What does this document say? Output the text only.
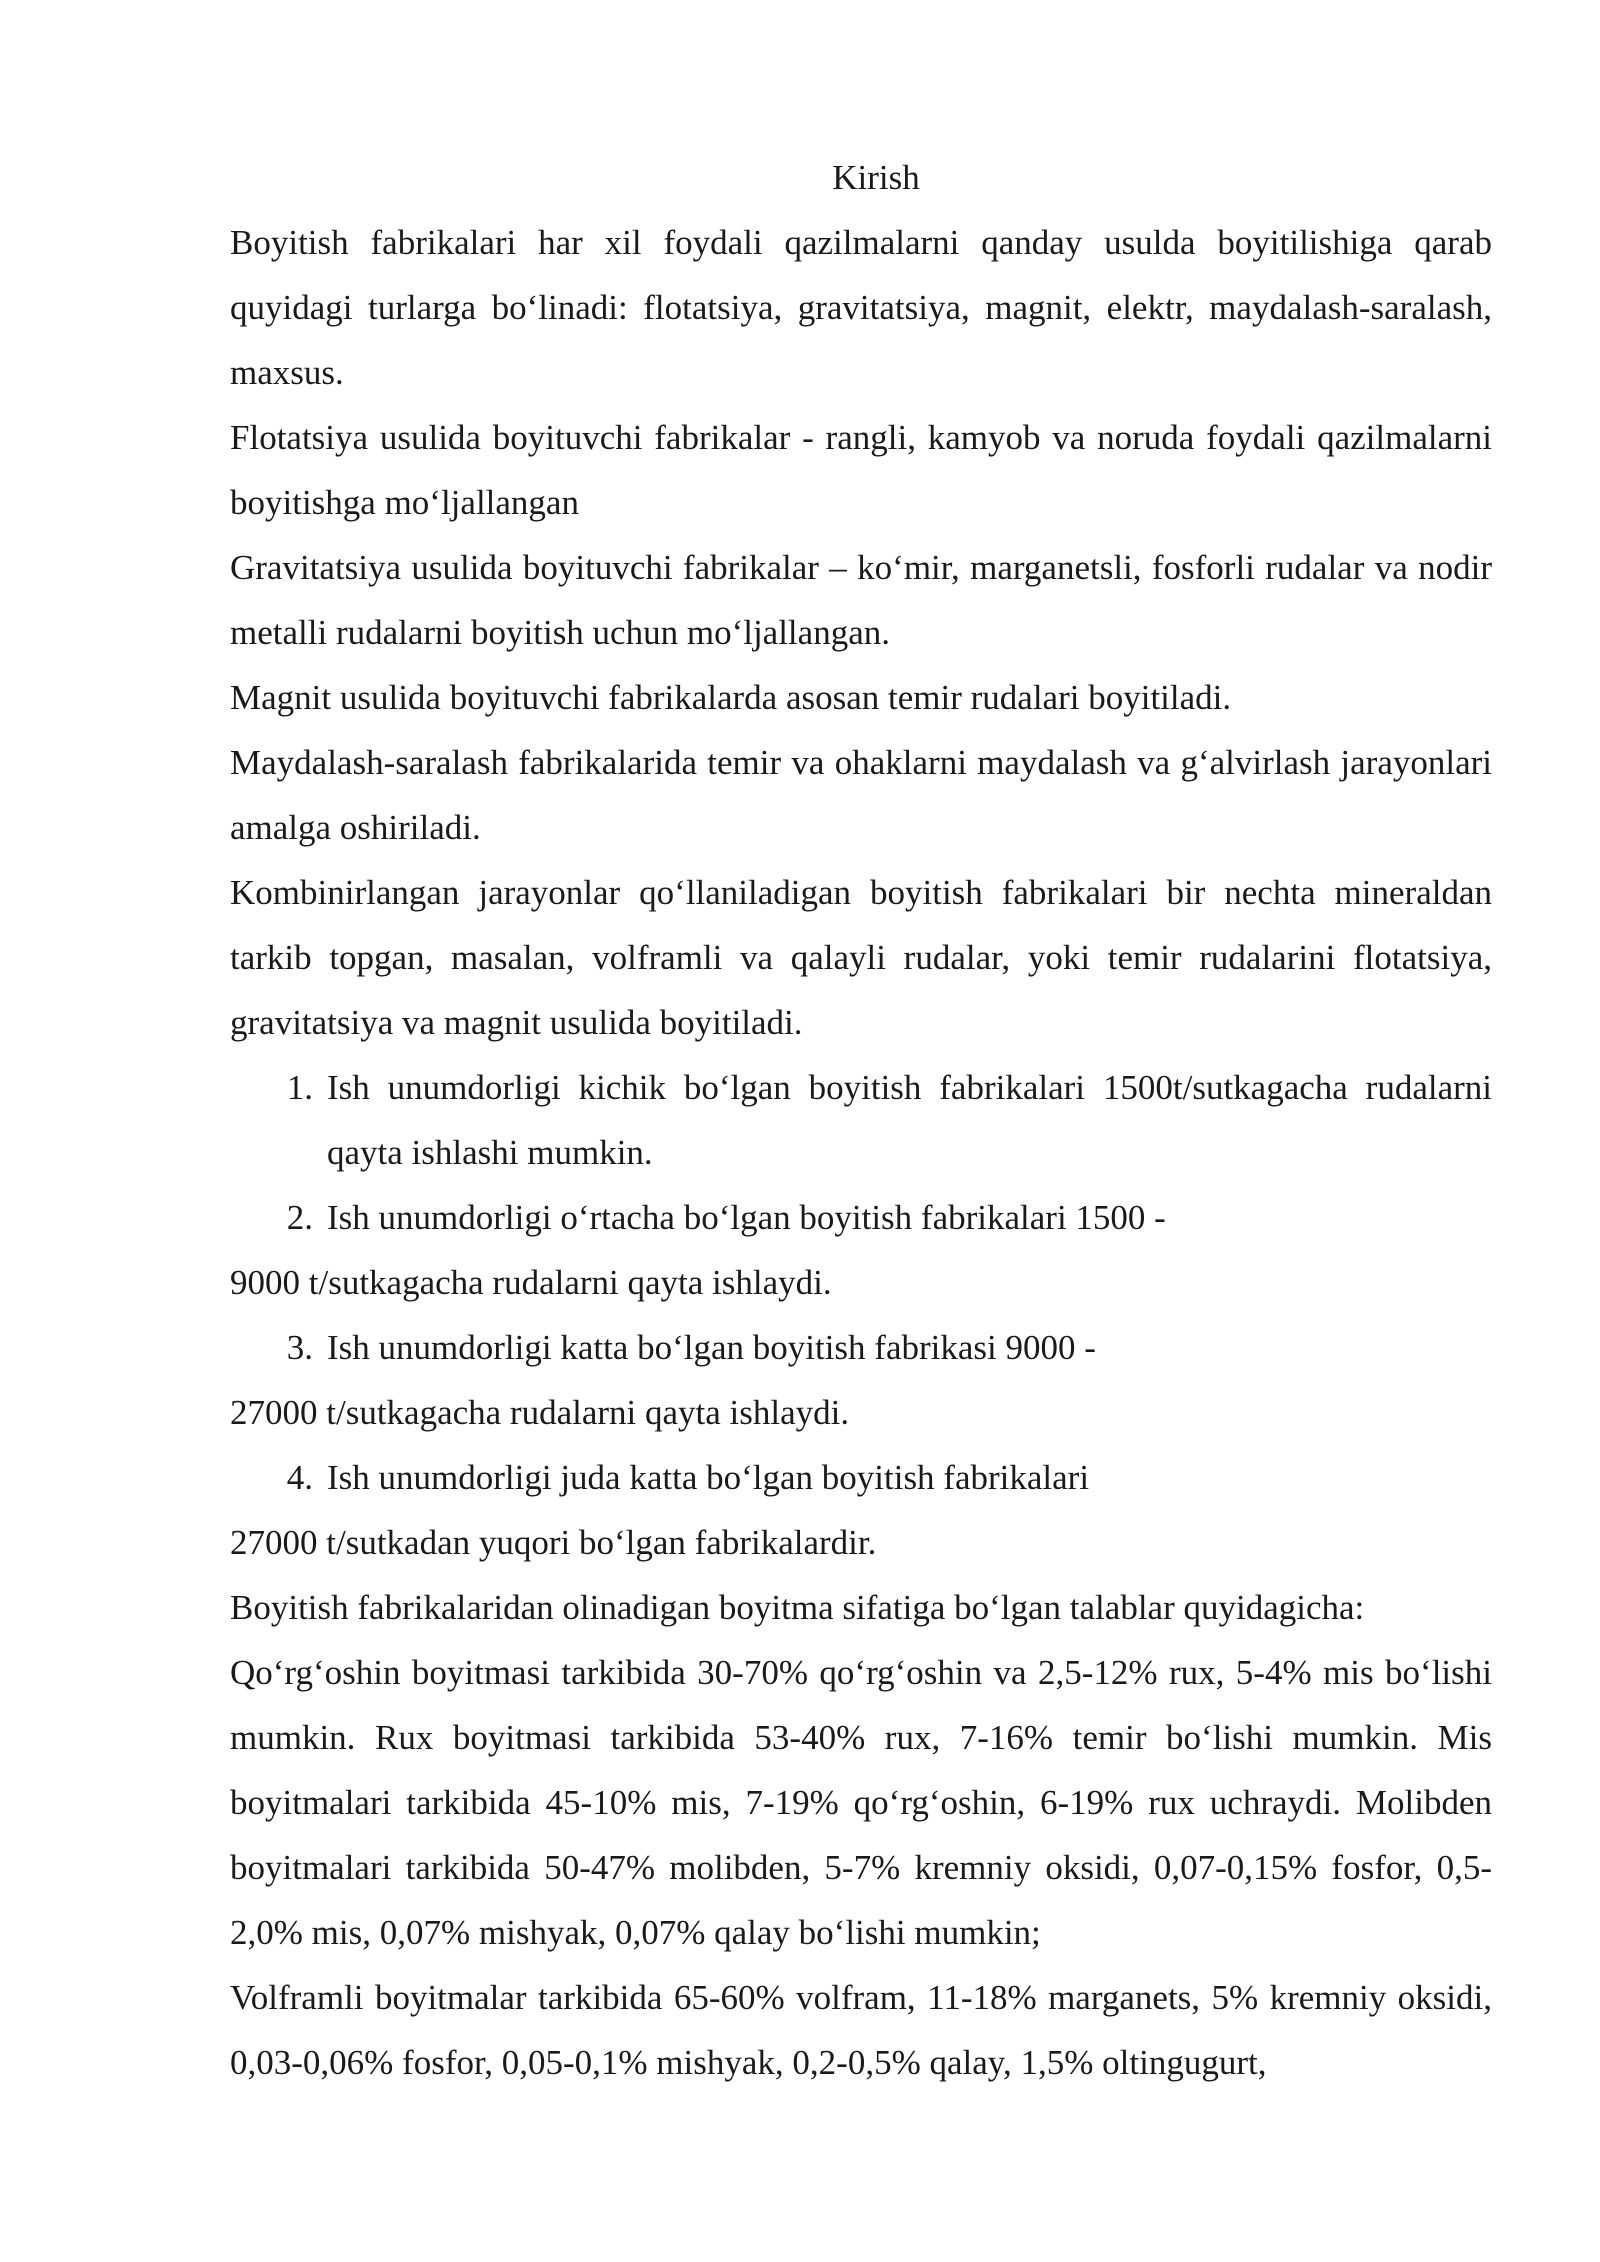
Kirish

Boyitish fabrikalari har xil foydali qazilmalarni qanday usulda boyitilishiga qarab quyidagi turlarga bo‘linadi: flotatsiya, gravitatsiya, magnit, elektr, maydalash-saralash, maxsus.

Flotatsiya usulida boyituvchi fabrikalar - rangli, kamyob va noruda foydali qazilmalarni boyitishga mo‘ljallangan

Gravitatsiya usulida boyituvchi fabrikalar – ko‘mir, marganetsli, fosforli rudalar va nodir metalli rudalarni boyitish uchun mo‘ljallangan.

Magnit usulida boyituvchi fabrikalarda asosan temir rudalari boyitiladi.

Maydalash-saralash fabrikalarida temir va ohaklarni maydalash va g‘alvirlash jarayonlari amalga oshiriladi.

Kombinirlangan jarayonlar qo‘llaniladigan boyitish fabrikalari bir nechta mineraldan tarkib topgan, masalan, volframli va qalayli rudalar, yoki temir rudalarini flotatsiya, gravitatsiya va magnit usulida boyitiladi.

1. Ish unumdorligi kichik bo‘lgan boyitish fabrikalari 1500t/sutkagacha rudalarni qayta ishlashi mumkin.
2. Ish unumdorligi o‘rtacha bo‘lgan boyitish fabrikalari 1500 -

9000 t/sutkagacha rudalarni qayta ishlaydi.

3. Ish unumdorligi katta bo‘lgan boyitish fabrikasi 9000 -

27000 t/sutkagacha rudalarni qayta ishlaydi.

4. Ish unumdorligi juda katta bo‘lgan boyitish fabrikalari

27000 t/sutkadan yuqori bo‘lgan fabrikalardir.

Boyitish fabrikalaridan olinadigan boyitma sifatiga bo‘lgan talablar quyidagicha:

Qo‘rg‘oshin boyitmasi tarkibida 30-70% qo‘rg‘oshin va 2,5-12% rux, 5-4% mis bo‘lishi mumkin. Rux boyitmasi tarkibida 53-40% rux, 7-16% temir bo‘lishi mumkin. Mis boyitmalari tarkibida 45-10% mis, 7-19% qo‘rg‘oshin, 6-19% rux uchraydi. Molibden boyitmalari tarkibida 50-47% molibden, 5-7% kremniy oksidi, 0,07-0,15% fosfor, 0,5-2,0% mis, 0,07% mishyak, 0,07% qalay bo‘lishi mumkin;

Volframli boyitmalar tarkibida 65-60% volfram, 11-18% marganets, 5% kremniy oksidi, 0,03-0,06% fosfor, 0,05-0,1% mishyak, 0,2-0,5% qalay, 1,5% oltingugurt,
